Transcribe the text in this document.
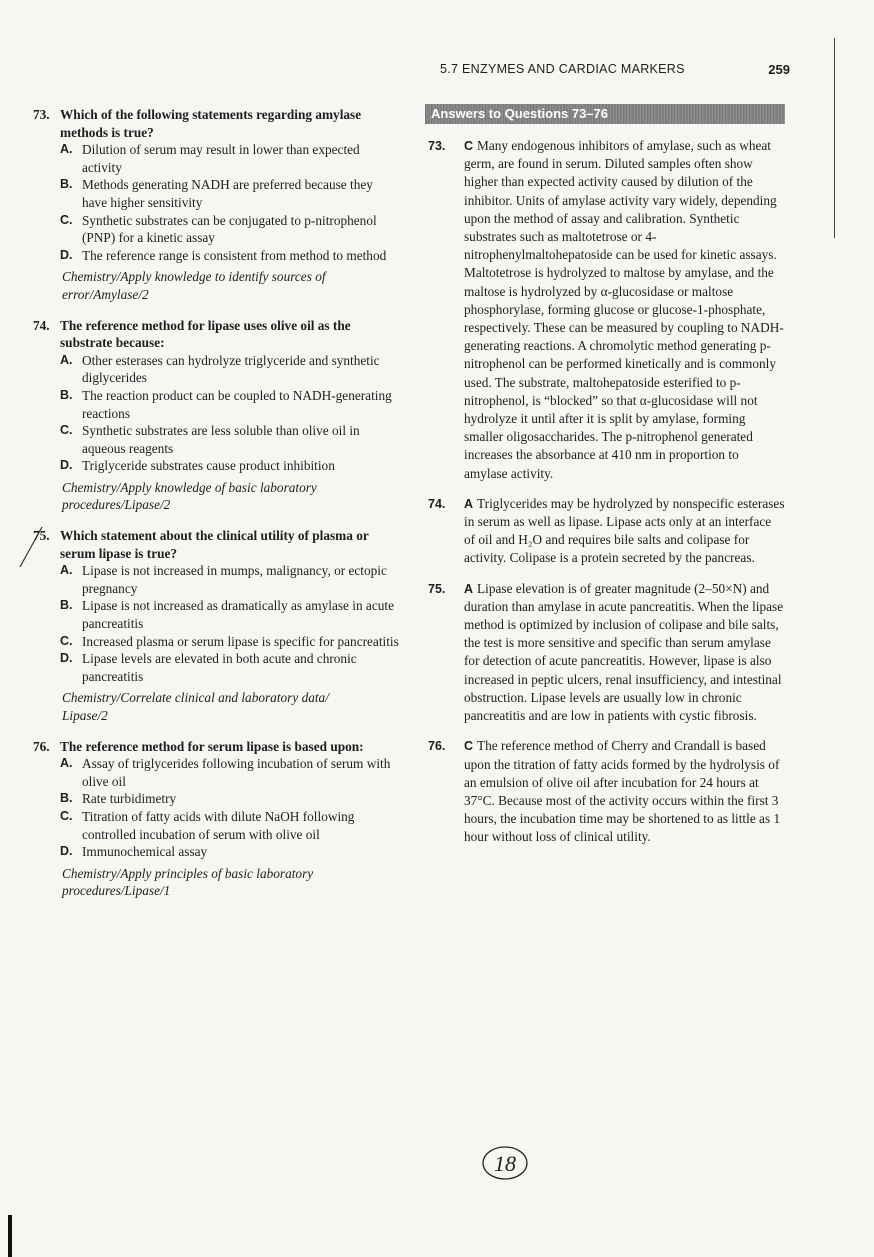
5.7 ENZYMES AND CARDIAC MARKERS	259
73. Which of the following statements regarding amylase methods is true?
A. Dilution of serum may result in lower than expected activity
B. Methods generating NADH are preferred because they have higher sensitivity
C. Synthetic substrates can be conjugated to p-nitrophenol (PNP) for a kinetic assay
D. The reference range is consistent from method to method
Chemistry/Apply knowledge to identify sources of error/Amylase/2
74. The reference method for lipase uses olive oil as the substrate because:
A. Other esterases can hydrolyze triglyceride and synthetic diglycerides
B. The reaction product can be coupled to NADH-generating reactions
C. Synthetic substrates are less soluble than olive oil in aqueous reagents
D. Triglyceride substrates cause product inhibition
Chemistry/Apply knowledge of basic laboratory procedures/Lipase/2
75. Which statement about the clinical utility of plasma or serum lipase is true?
A. Lipase is not increased in mumps, malignancy, or ectopic pregnancy
B. Lipase is not increased as dramatically as amylase in acute pancreatitis
C. Increased plasma or serum lipase is specific for pancreatitis
D. Lipase levels are elevated in both acute and chronic pancreatitis
Chemistry/Correlate clinical and laboratory data/ Lipase/2
76. The reference method for serum lipase is based upon:
A. Assay of triglycerides following incubation of serum with olive oil
B. Rate turbidimetry
C. Titration of fatty acids with dilute NaOH following controlled incubation of serum with olive oil
D. Immunochemical assay
Chemistry/Apply principles of basic laboratory procedures/Lipase/1
Answers to Questions 73–76
73. C Many endogenous inhibitors of amylase, such as wheat germ, are found in serum. Diluted samples often show higher than expected activity caused by dilution of the inhibitor. Units of amylase activity vary widely, depending upon the method of assay and calibration. Synthetic substrates such as maltotetrose or 4-nitrophenylmaltohepatoside can be used for kinetic assays. Maltotetrose is hydrolyzed to maltose by amylase, and the maltose is hydrolyzed by α-glucosidase or maltose phosphorylase, forming glucose or glucose-1-phosphate, respectively. These can be measured by coupling to NADH-generating reactions. A chromolytic method generating p-nitrophenol can be performed kinetically and is commonly used. The substrate, maltohepatoside esterified to p-nitrophenol, is “blocked” so that α-glucosidase will not hydrolyze it until after it is split by amylase, forming smaller oligosaccharides. The p-nitrophenol generated increases the absorbance at 410 nm in proportion to amylase activity.
74. A Triglycerides may be hydrolyzed by nonspecific esterases in serum as well as lipase. Lipase acts only at an interface of oil and H₂O and requires bile salts and colipase for activity. Colipase is a protein secreted by the pancreas.
75. A Lipase elevation is of greater magnitude (2–50×N) and duration than amylase in acute pancreatitis. When the lipase method is optimized by inclusion of colipase and bile salts, the test is more sensitive and specific than serum amylase for detection of acute pancreatitis. However, lipase is also increased in peptic ulcers, renal insufficiency, and intestinal obstruction. Lipase levels are usually low in chronic pancreatitis and are low in patients with cystic fibrosis.
76. C The reference method of Cherry and Crandall is based upon the titration of fatty acids formed by the hydrolysis of an emulsion of olive oil after incubation for 24 hours at 37°C. Because most of the activity occurs within the first 3 hours, the incubation time may be shortened to as little as 1 hour without loss of clinical utility.
18
